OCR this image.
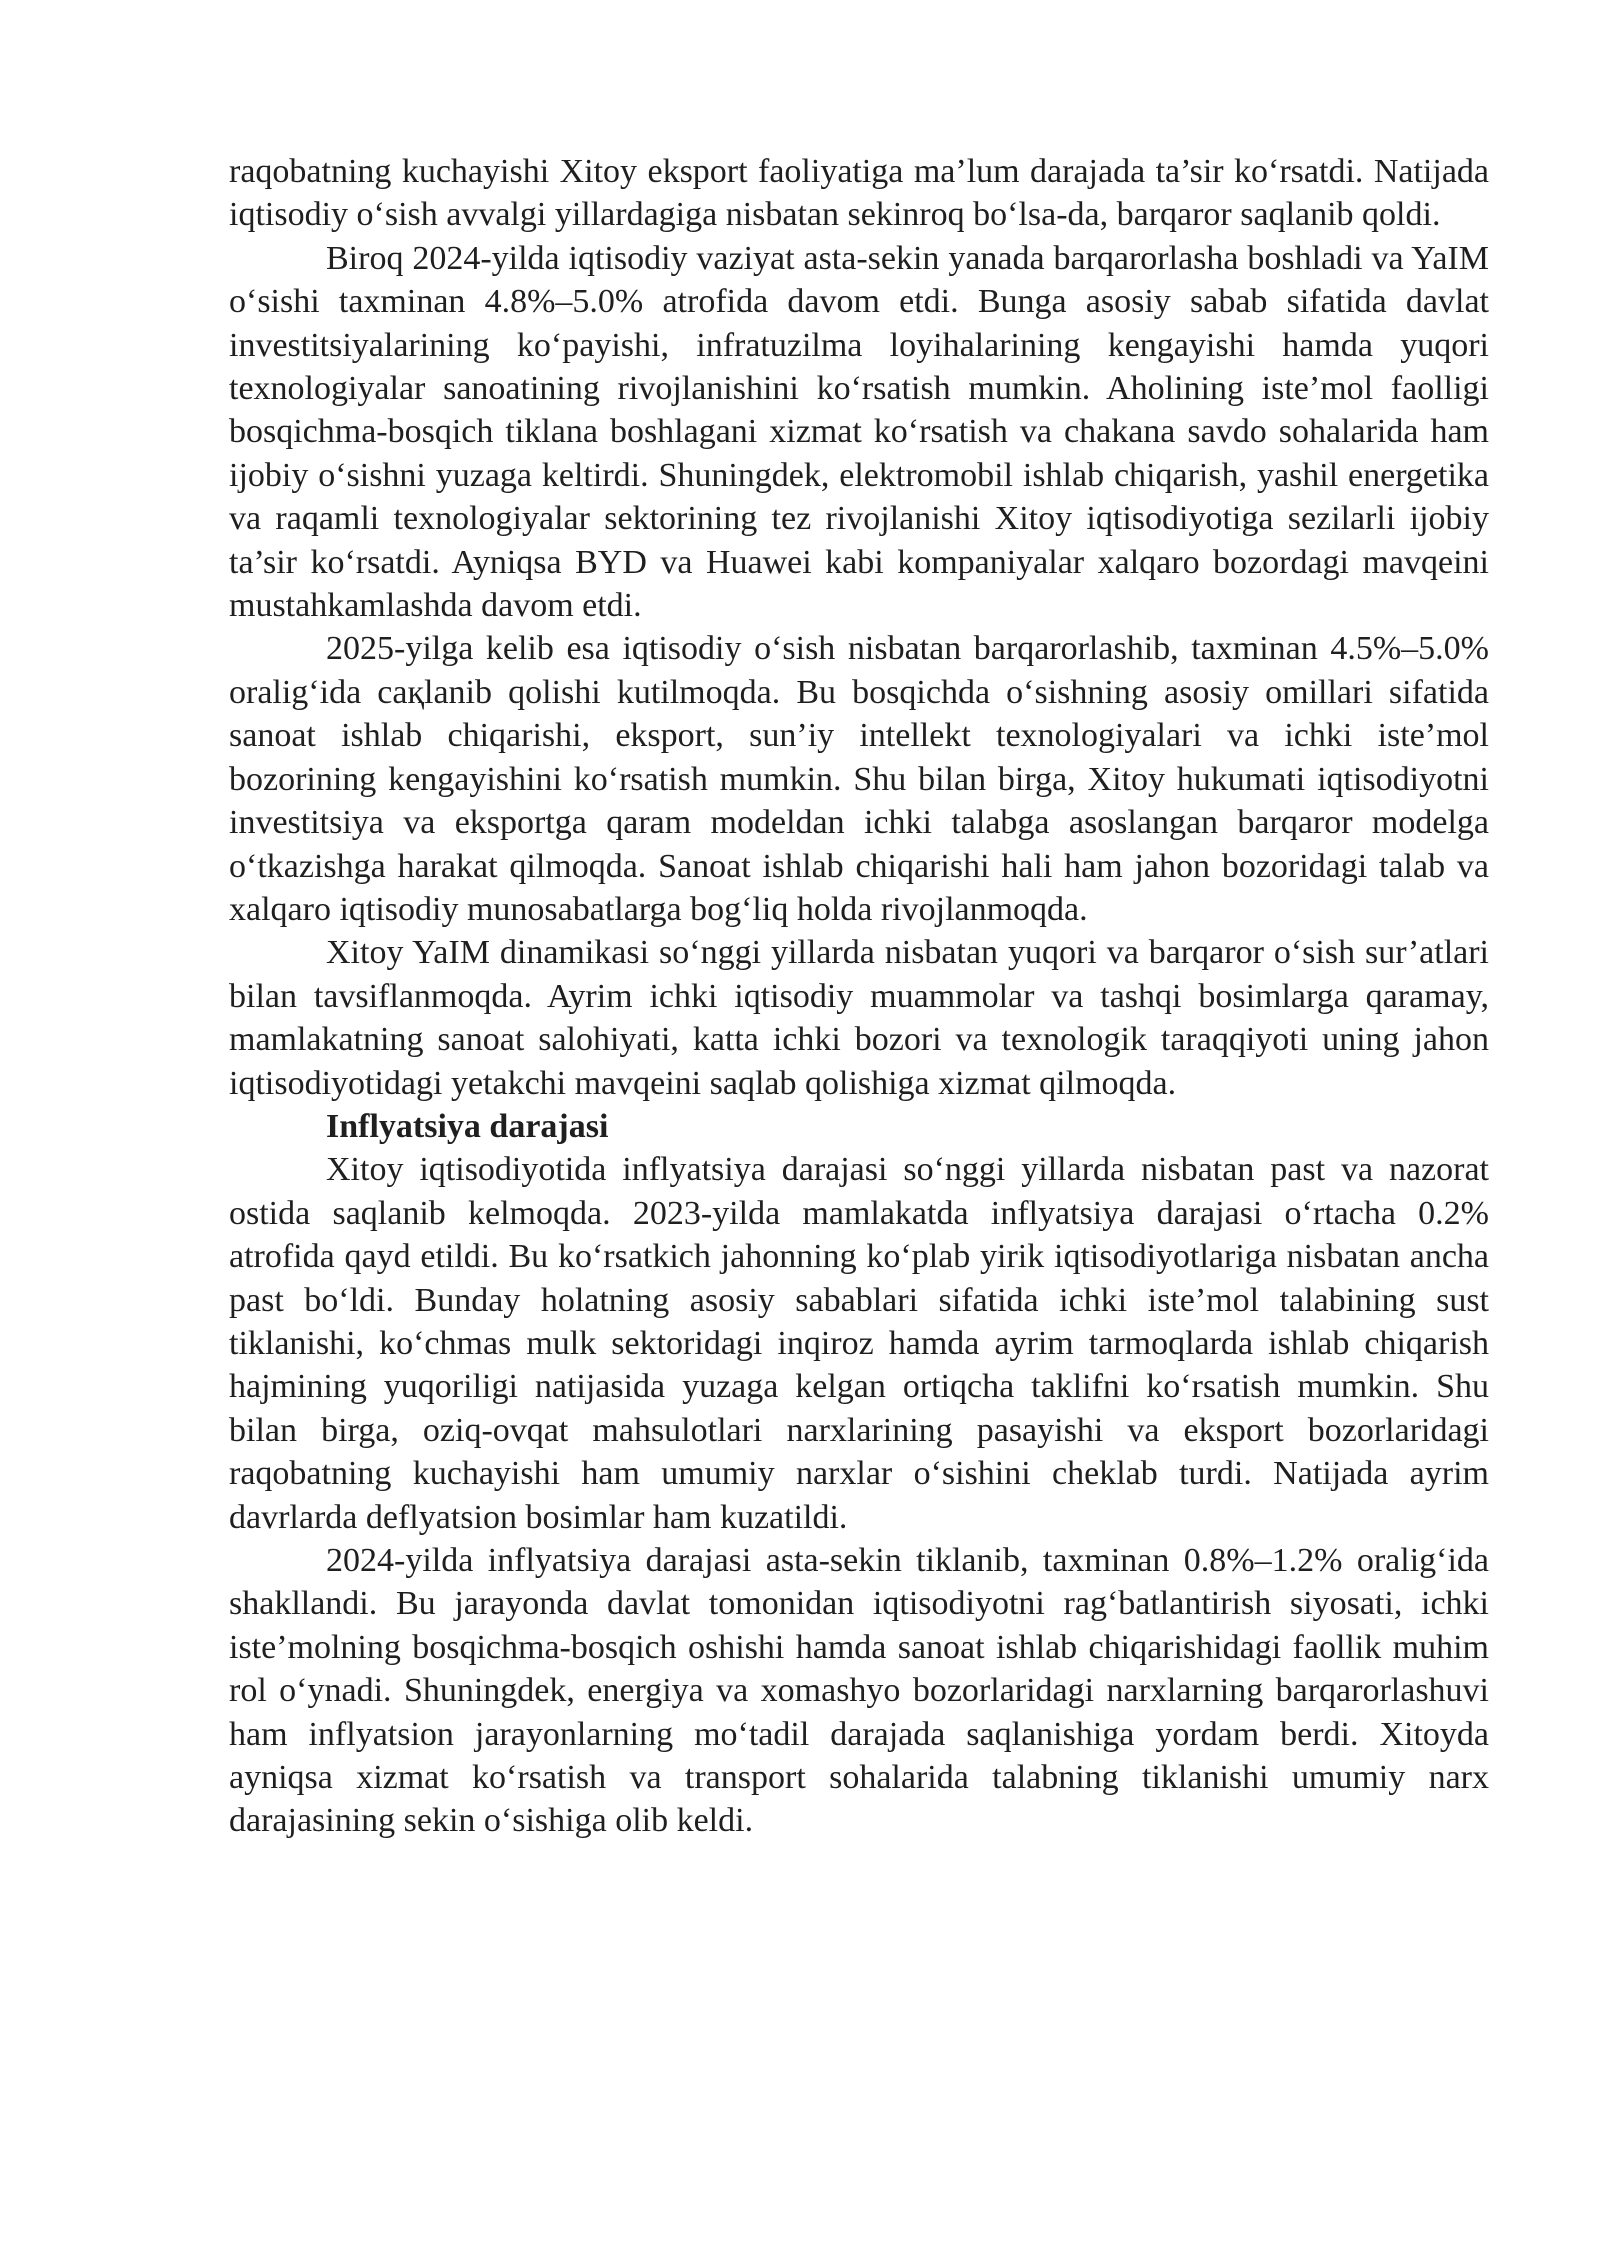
raqobatning kuchayishi Xitoy eksport faoliyatiga ma’lum darajada ta’sir ko‘rsatdi. Natijada iqtisodiy o‘sish avvalgi yillardagiga nisbatan sekinroq bo‘lsa-da, barqaror saqlanib qoldi.

Biroq 2024-yilda iqtisodiy vaziyat asta-sekin yanada barqarorlasha boshladi va YaIM o‘sishi taxminan 4.8%–5.0% atrofida davom etdi. Bunga asosiy sabab sifatida davlat investitsiyalarining ko‘payishi, infratuzilma loyihalarining kengayishi hamda yuqori texnologiyalar sanoatining rivojlanishini ko‘rsatish mumkin. Aholining iste’mol faolligi bosqichma-bosqich tiklana boshlagani xizmat ko‘rsatish va chakana savdo sohalarida ham ijobiy o‘sishni yuzaga keltirdi. Shuningdek, elektromobil ishlab chiqarish, yashil energetika va raqamli texnologiyalar sektorining tez rivojlanishi Xitoy iqtisodiyotiga sezilarli ijobiy ta’sir ko‘rsatdi. Ayniqsa BYD va Huawei kabi kompaniyalar xalqaro bozordagi mavqeini mustahkamlashda davom etdi.

2025-yilga kelib esa iqtisodiy o‘sish nisbatan barqarorlashib, taxminan 4.5%–5.0% oralig‘ida caқlanib qolishi kutilmoqda. Bu bosqichda o‘sishning asosiy omillari sifatida sanoat ishlab chiqarishi, eksport, sun’iy intellekt texnologiyalari va ichki iste’mol bozorining kengayishini ko‘rsatish mumkin. Shu bilan birga, Xitoy hukumati iqtisodiyotni investitsiya va eksportga qaram modeldan ichki talabga asoslangan barqaror modelga o‘tkazishga harakat qilmoqda. Sanoat ishlab chiqarishi hali ham jahon bozoridagi talab va xalqaro iqtisodiy munosabatlarga bog‘liq holda rivojlanmoqda.

Xitoy YaIM dinamikasi so‘nggi yillarda nisbatan yuqori va barqaror o‘sish sur’atlari bilan tavsiflanmoqda. Ayrim ichki iqtisodiy muammolar va tashqi bosimlarga qaramay, mamlakatning sanoat salohiyati, katta ichki bozori va texnologik taraqqiyoti uning jahon iqtisodiyotidagi yetakchi mavqeini saqlab qolishiga xizmat qilmoqda.

Inflyatsiya darajasi

Xitoy iqtisodiyotida inflyatsiya darajasi so‘nggi yillarda nisbatan past va nazorat ostida saqlanib kelmoqda. 2023-yilda mamlakatda inflyatsiya darajasi o‘rtacha 0.2% atrofida qayd etildi. Bu ko‘rsatkich jahonning ko‘plab yirik iqtisodiyotlariga nisbatan ancha past bo‘ldi. Bunday holatning asosiy sabablari sifatida ichki iste’mol talabining sust tiklanishi, ko‘chmas mulk sektoridagi inqiroz hamda ayrim tarmoqlarda ishlab chiqarish hajmining yuqoriligi natijasida yuzaga kelgan ortiqcha taklifni ko‘rsatish mumkin. Shu bilan birga, oziq-ovqat mahsulotlari narxlarining pasayishi va eksport bozorlaridagi raqobatning kuchayishi ham umumiy narxlar o‘sishini cheklab turdi. Natijada ayrim davrlarda deflyatsion bosimlar ham kuzatildi.

2024-yilda inflyatsiya darajasi asta-sekin tiklanib, taxminan 0.8%–1.2% oralig‘ida shakllandi. Bu jarayonda davlat tomonidan iqtisodiyotni rag‘batlantirish siyosati, ichki iste’molning bosqichma-bosqich oshishi hamda sanoat ishlab chiqarishidagi faollik muhim rol o‘ynadi. Shuningdek, energiya va xomashyo bozorlaridagi narxlarning barqarorlashuvi ham inflyatsion jarayonlarning mo‘tadil darajada saqlanishiga yordam berdi. Xitoyda ayniqsa xizmat ko‘rsatish va transport sohalarida talabning tiklanishi umumiy narx darajasining sekin o‘sishiga olib keldi.
